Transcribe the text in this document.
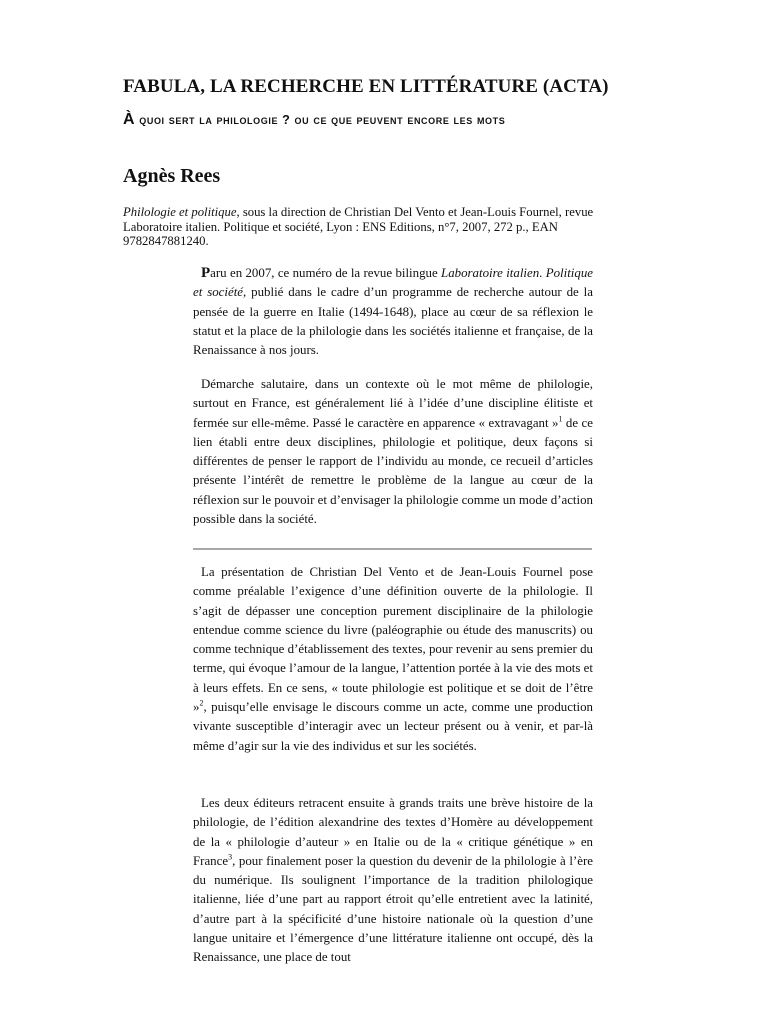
FABULA, LA RECHERCHE EN LITTÉRATURE (ACTA)
À quoi sert la philologie ? ou ce que peuvent encore les mots
Agnès Rees
Philologie et politique, sous la direction de Christian Del Vento et Jean-Louis Fournel, revue Laboratoire italien. Politique et société, Lyon : ENS Editions, n°7, 2007, 272 p., EAN 9782847881240.

Paru en 2007, ce numéro de la revue bilingue Laboratoire italien. Politique et société, publié dans le cadre d’un programme de recherche autour de la pensée de la guerre en Italie (1494-1648), place au cœur de sa réflexion le statut et la place de la philologie dans les sociétés italienne et française, de la Renaissance à nos jours.

Démarche salutaire, dans un contexte où le mot même de philologie, surtout en France, est généralement lié à l’idée d’une discipline élitiste et fermée sur elle-même. Passé le caractère en apparence « extravagant »$^1$ de ce lien établi entre deux disciplines, philologie et politique, deux façons si différentes de penser le rapport de l’individu au monde, ce recueil d’articles présente l’intérêt de remettre le problème de la langue au cœur de la réflexion sur le pouvoir et d’envisager la philologie comme un mode d’action possible dans la société.

La présentation de Christian Del Vento et de Jean-Louis Fournel pose comme préalable l’exigence d’une définition ouverte de la philologie. Il s’agit de dépasser une conception purement disciplinaire de la philologie entendue comme science du livre (paléographie ou étude des manuscrits) ou comme technique d’établissement des textes, pour revenir au sens premier du terme, qui évoque l’amour de la langue, l’attention portée à la vie des mots et à leurs effets. En ce sens, « toute philologie est politique et se doit de l’être »$^2$, puisqu’elle envisage le discours comme un acte, comme une production vivante susceptible d’interagir avec un lecteur présent ou à venir, et par-là même d’agir sur la vie des individus et sur les sociétés.

Les deux éditeurs retracent ensuite à grands traits une brève histoire de la philologie, de l’édition alexandrine des textes d’Homère au développement de la « philologie d’auteur » en Italie ou de la « critique génétique » en France$^3$, pour finalement poser la question du devenir de la philologie à l’ère du numérique. Ils soulignent l’importance de la tradition philologique italienne, liée d’une part au rapport étroit qu’elle entretient avec la latinité, d’autre part à la spécificité d’une histoire nationale où la question d’une langue unitaire et l’émergence d’une littérature italienne ont occupé, dès la Renaissance, une place de tout
